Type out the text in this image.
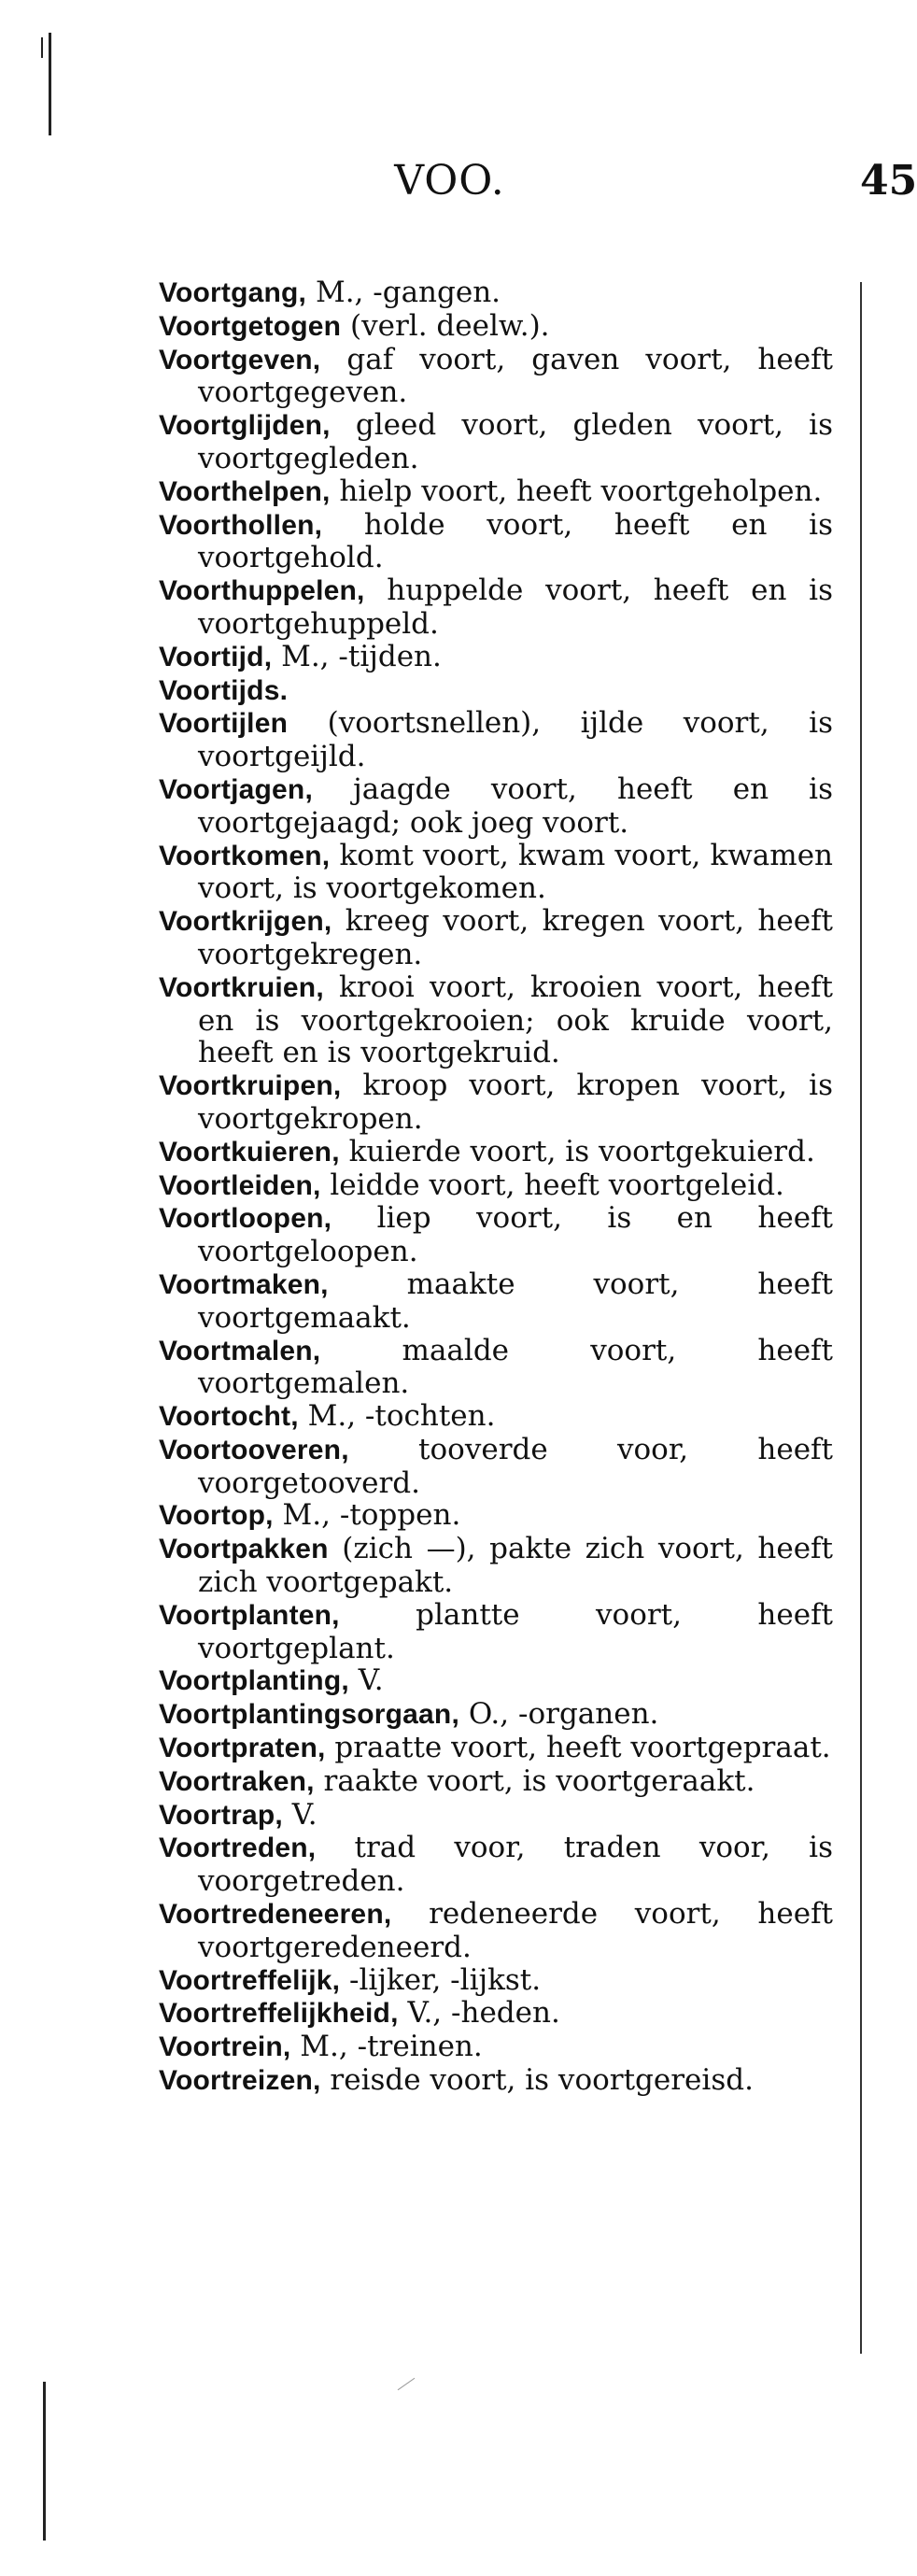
VOO.	45
Voortgang, M., -gangen.
Voortgetogen (verl. deelw.).
Voortgeven, gaf voort, gaven voort, heeft voortgegeven.
Voortglijden, gleed voort, gleden voort, is voortgegleden.
Voorthelpen, hielp voort, heeft voortgeholpen.
Voorthollen, holde voort, heeft en is voortgehold.
Voorthuppelen, huppelde voort, heeft en is voortgehuppeld.
Voortijd, M., -tijden.
Voortijds.
Voortijlen (voortsnellen), ijlde voort, is voortgeijld.
Voortjagen, jaagde voort, heeft en is voortgejaagd; ook joeg voort.
Voortkomen, komt voort, kwam voort, kwamen voort, is voortgekomen.
Voortkrijgen, kreeg voort, kregen voort, heeft voortgekregen.
Voortkruien, krooi voort, krooien voort, heeft en is voortgekrooien; ook kruide voort, heeft en is voortgekruid.
Voortkruipen, kroop voort, kropen voort, is voortgekropen.
Voortkuieren, kuierde voort, is voortgekuierd.
Voortleiden, leidde voort, heeft voortgeleid.
Voortloopen, liep voort, is en heeft voortgeloopen.
Voortmaken, maakte voort, heeft voortgemaakt.
Voortmalen, maalde voort, heeft voortgemalen.
Voortocht, M., -tochten.
Voortooveren, tooverde voor, heeft voorgetooverd.
Voortop, M., -toppen.
Voortpakken (zich —), pakte zich voort, heeft zich voortgepakt.
Voortplanten, plantte voort, heeft voortgeplant.
Voortplanting, V.
Voortplantingsorgaan, O., -organen.
Voortpraten, praatte voort, heeft voortgepraat.
Voortraken, raakte voort, is voortgeraakt.
Voortrap, V.
Voortreden, trad voor, traden voor, is voorgetreden.
Voortredeneeren, redeneerde voort, heeft voortgeredeneerd.
Voortreffelijk, -lijker, -lijkst.
Voortreffelijkheid, V., -heden.
Voortrein, M., -treinen.
Voortreizen, reisde voort, is voortgereisd.
